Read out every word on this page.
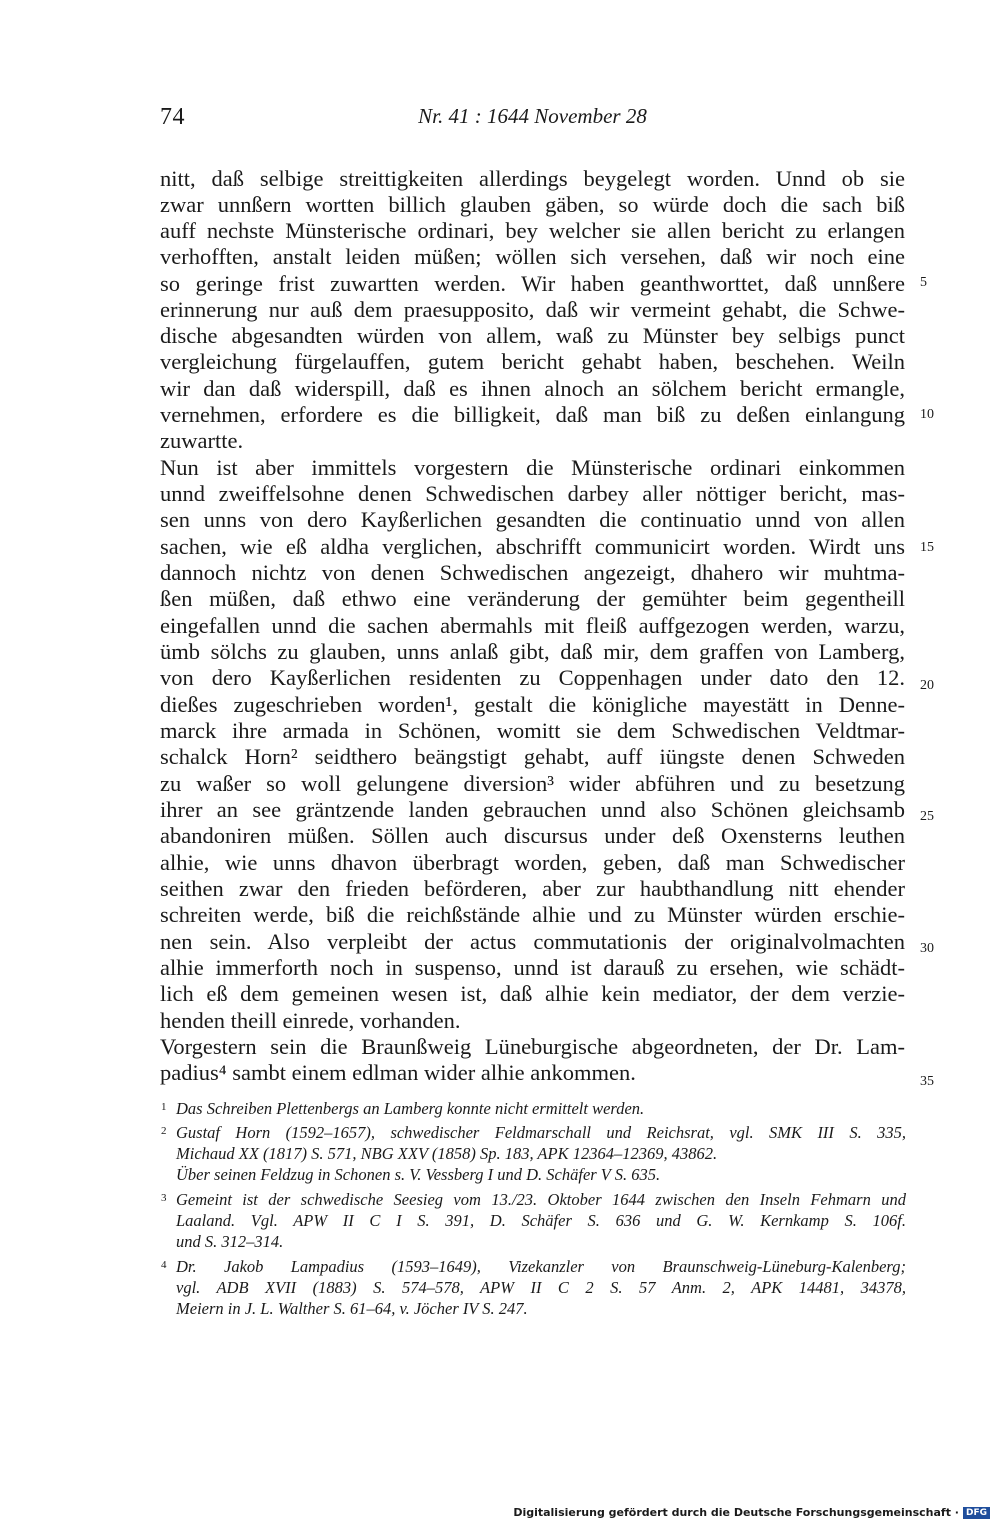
74	Nr. 41 : 1644 November 28
nitt, daß selbige streittigkeiten allerdings beygelegt worden. Unnd ob sie
zwar unnßern wortten billich glauben gäben, so würde doch die sach biß
auff nechste Münsterische ordinari, bey welcher sie allen bericht zu erlangen
verhofften, anstalt leiden müßen; wöllen sich versehen, daß wir noch eine
so geringe frist zuwartten werden. Wir haben geanthworttet, daß unnßere
erinnerung nur auß dem praesupposito, daß wir vermeint gehabt, die Schwe-
dische abgesandten würden von allem, waß zu Münster bey selbigs punct
vergleichung fürgelauffen, gutem bericht gehabt haben, beschehen. Weiln
wir dan daß widerspill, daß es ihnen alnoch an sölchem bericht ermangle,
vernehmen, erfordere es die billigkeit, daß man biß zu deßen einlangung
zuwartte.
Nun ist aber immittels vorgestern die Münsterische ordinari einkommen
unnd zweiffelsohne denen Schwedischen darbey aller nöttiger bericht, mas-
sen unns von dero Kayßerlichen gesandten die continuatio unnd von allen
sachen, wie eß aldha verglichen, abschrifft communicirt worden. Wirdt uns
dannoch nichtz von denen Schwedischen angezeigt, dhahero wir muhtma-
ßen müßen, daß ethwo eine veränderung der gemühter beim gegentheill
eingefallen unnd die sachen abermahls mit fleiß auffgezogen werden, warzu,
ümb sölchs zu glauben, unns anlaß gibt, daß mir, dem graffen von Lamberg,
von dero Kayßerlichen residenten zu Coppenhagen under dato den 12.
dießes zugeschrieben worden¹, gestalt die königliche mayestätt in Denne-
marck ihre armada in Schönen, womitt sie dem Schwedischen Veldtmar-
schalck Horn² seidthero beängstigt gehabt, auff iüngste denen Schweden
zu waßer so woll gelungene diversion³ wider abführen und zu besetzung
ihrer an see gräntzende landen gebrauchen unnd also Schönen gleichsamb
abandoniren müßen. Söllen auch discursus under deß Oxensterns leuthen
alhie, wie unns dhavon überbragt worden, geben, daß man Schwedischer
seithen zwar den frieden beförderen, aber zur haubthandlung nitt ehender
schreiten werde, biß die reichßstände alhie und zu Münster würden erschie-
nen sein. Also verpleibt der actus commutationis der originalvolmachten
alhie immerforth noch in suspenso, unnd ist darauß zu ersehen, wie schädt-
lich eß dem gemeinen wesen ist, daß alhie kein mediator, der dem verzie-
henden theill einrede, vorhanden.
Vorgestern sein die Braunßweig Lüneburgische abgeordneten, der Dr. Lam-
padius⁴ sambt einem edlman wider alhie ankommen.
5
10
15
20
25
30
35
1 Das Schreiben Plettenbergs an Lamberg konnte nicht ermittelt werden.
2 Gustaf Horn (1592–1657), schwedischer Feldmarschall und Reichsrat, vgl. SMK III S. 335,
Michaud XX (1817) S. 571, NBG XXV (1858) Sp. 183, APK 12364–12369, 43862.
Über seinen Feldzug in Schonen s. V. Vessberg I und D. Schäfer V S. 635.
3 Gemeint ist der schwedische Seesieg vom 13./23. Oktober 1644 zwischen den Inseln Fehmarn und
Laaland. Vgl. APW II C I S. 391, D. Schäfer S. 636 und G. W. Kernkamp S. 106f.
und S. 312–314.
4 Dr. Jakob Lampadius (1593–1649), Vizekanzler von Braunschweig-Lüneburg-Kalenberg;
vgl. ADB XVII (1883) S. 574–578, APW II C 2 S. 57 Anm. 2, APK 14481, 34378,
Meiern in J. L. Walther S. 61–64, v. Jöcher IV S. 247.
Digitalisierung gefördert durch die Deutsche Forschungsgemeinschaft · DFG
